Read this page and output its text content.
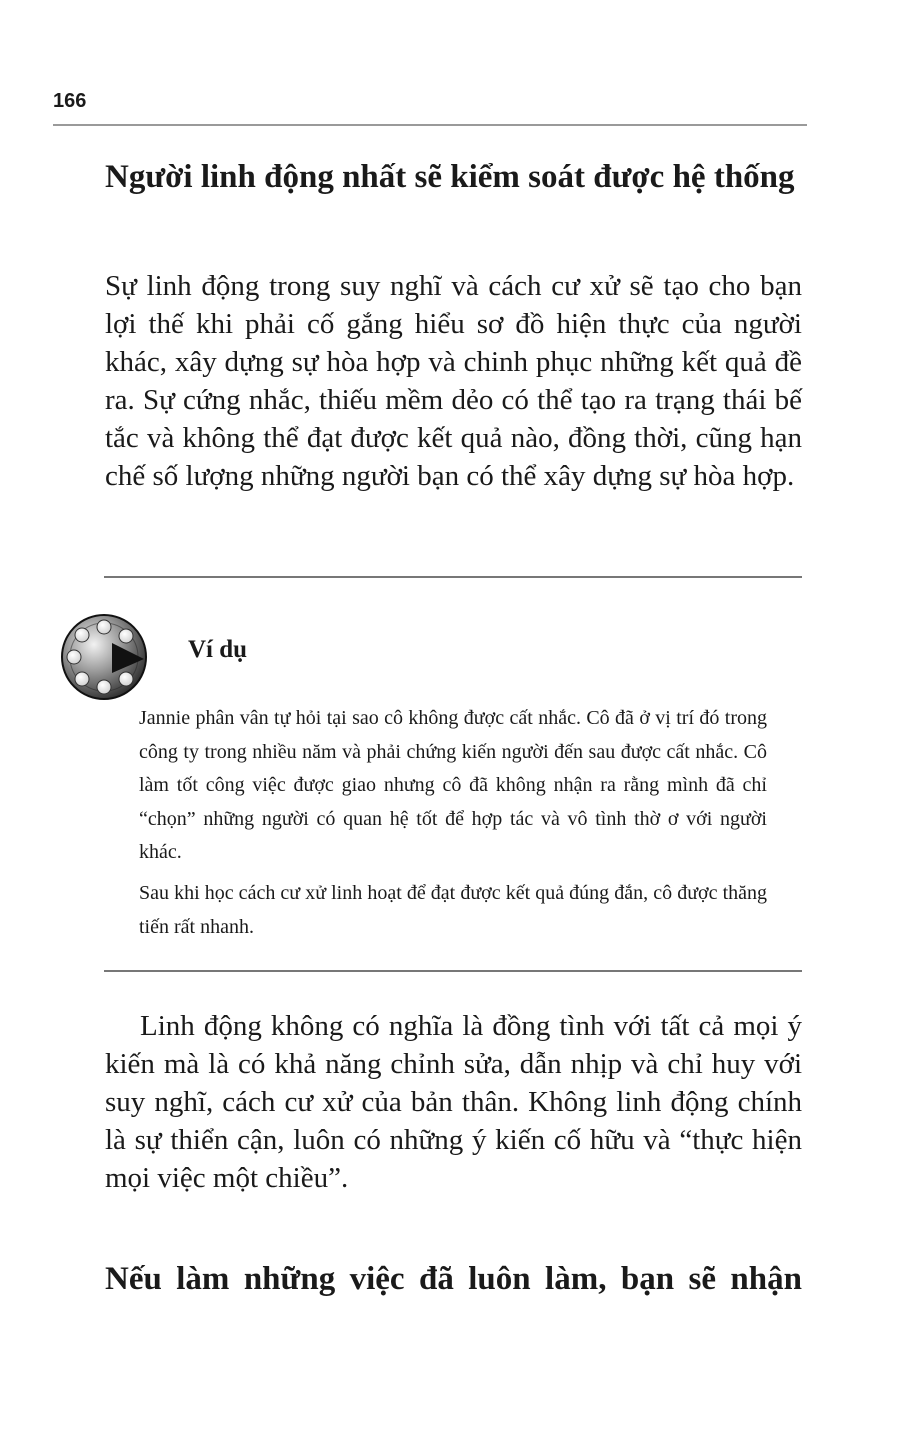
166
Người linh động nhất sẽ kiểm soát được hệ thống

Sự linh động trong suy nghĩ và cách cư xử sẽ tạo cho bạn lợi thế khi phải cố gắng hiểu sơ đồ hiện thực của người khác, xây dựng sự hòa hợp và chinh phục những kết quả đề ra. Sự cứng nhắc, thiếu mềm dẻo có thể tạo ra trạng thái bế tắc và không thể đạt được kết quả nào, đồng thời, cũng hạn chế số lượng những người bạn có thể xây dựng sự hòa hợp.

Ví dụ

Jannie phân vân tự hỏi tại sao cô không được cất nhắc. Cô đã ở vị trí đó trong công ty trong nhiều năm và phải chứng kiến người đến sau được cất nhắc. Cô làm tốt công việc được giao nhưng cô đã không nhận ra rằng mình đã chỉ “chọn” những người có quan hệ tốt để hợp tác và vô tình thờ ơ với người khác.

Sau khi học cách cư xử linh hoạt để đạt được kết quả đúng đắn, cô được thăng tiến rất nhanh.

Linh động không có nghĩa là đồng tình với tất cả mọi ý kiến mà là có khả năng chỉnh sửa, dẫn nhịp và chỉ huy với suy nghĩ, cách cư xử của bản thân. Không linh động chính là sự thiển cận, luôn có những ý kiến cố hữu và “thực hiện mọi việc một chiều”.

Nếu làm những việc đã luôn làm, bạn sẽ nhận
